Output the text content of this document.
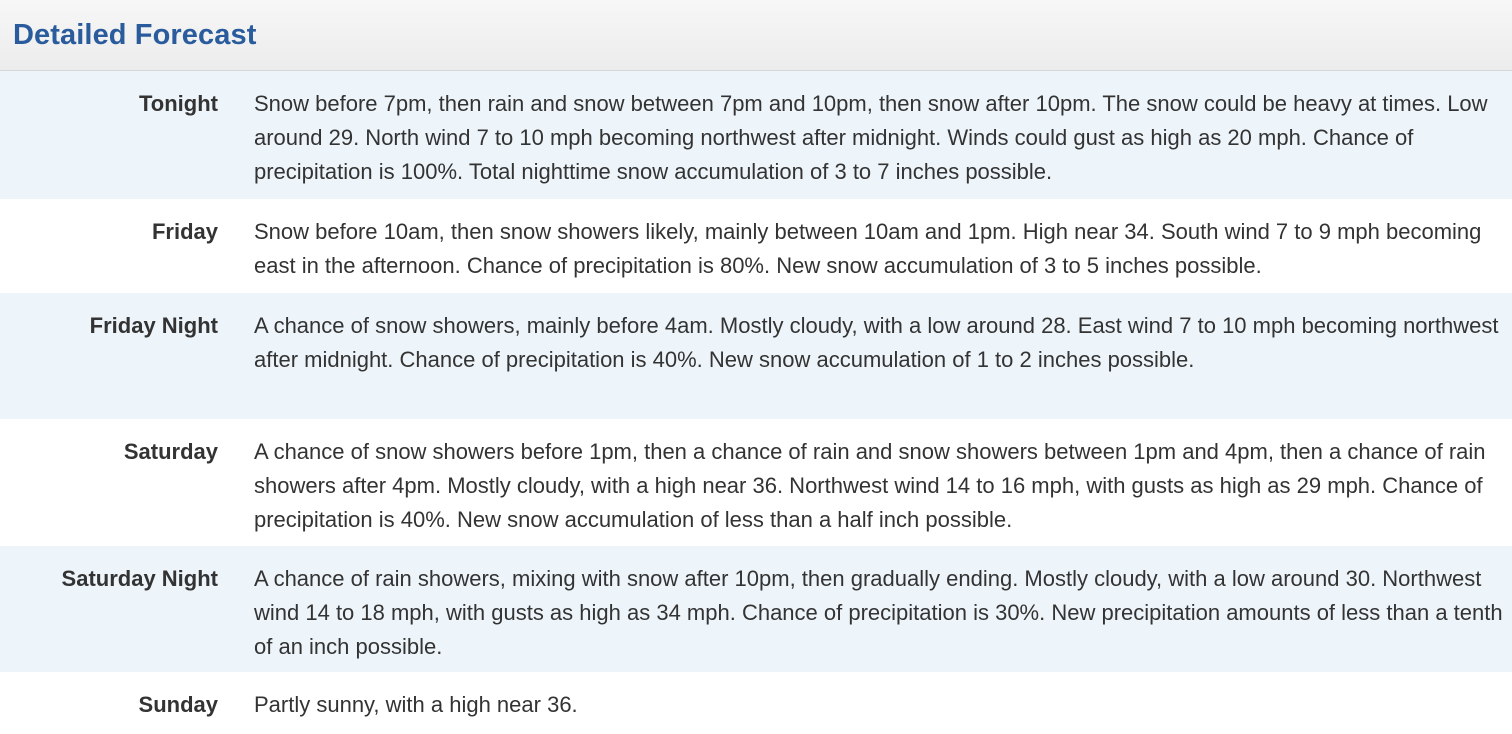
Detailed Forecast
Tonight Snow before 7pm, then rain and snow between 7pm and 10pm, then snow after 10pm. The snow could be heavy at times. Low around 29. North wind 7 to 10 mph becoming northwest after midnight. Winds could gust as high as 20 mph. Chance of precipitation is 100%. Total nighttime snow accumulation of 3 to 7 inches possible.
Friday Snow before 10am, then snow showers likely, mainly between 10am and 1pm. High near 34. South wind 7 to 9 mph becoming east in the afternoon. Chance of precipitation is 80%. New snow accumulation of 3 to 5 inches possible.
Friday Night A chance of snow showers, mainly before 4am. Mostly cloudy, with a low around 28. East wind 7 to 10 mph becoming northwest after midnight. Chance of precipitation is 40%. New snow accumulation of 1 to 2 inches possible.
Saturday A chance of snow showers before 1pm, then a chance of rain and snow showers between 1pm and 4pm, then a chance of rain showers after 4pm. Mostly cloudy, with a high near 36. Northwest wind 14 to 16 mph, with gusts as high as 29 mph. Chance of precipitation is 40%. New snow accumulation of less than a half inch possible.
Saturday Night A chance of rain showers, mixing with snow after 10pm, then gradually ending. Mostly cloudy, with a low around 30. Northwest wind 14 to 18 mph, with gusts as high as 34 mph. Chance of precipitation is 30%. New precipitation amounts of less than a tenth of an inch possible.
Sunday Partly sunny, with a high near 36.
